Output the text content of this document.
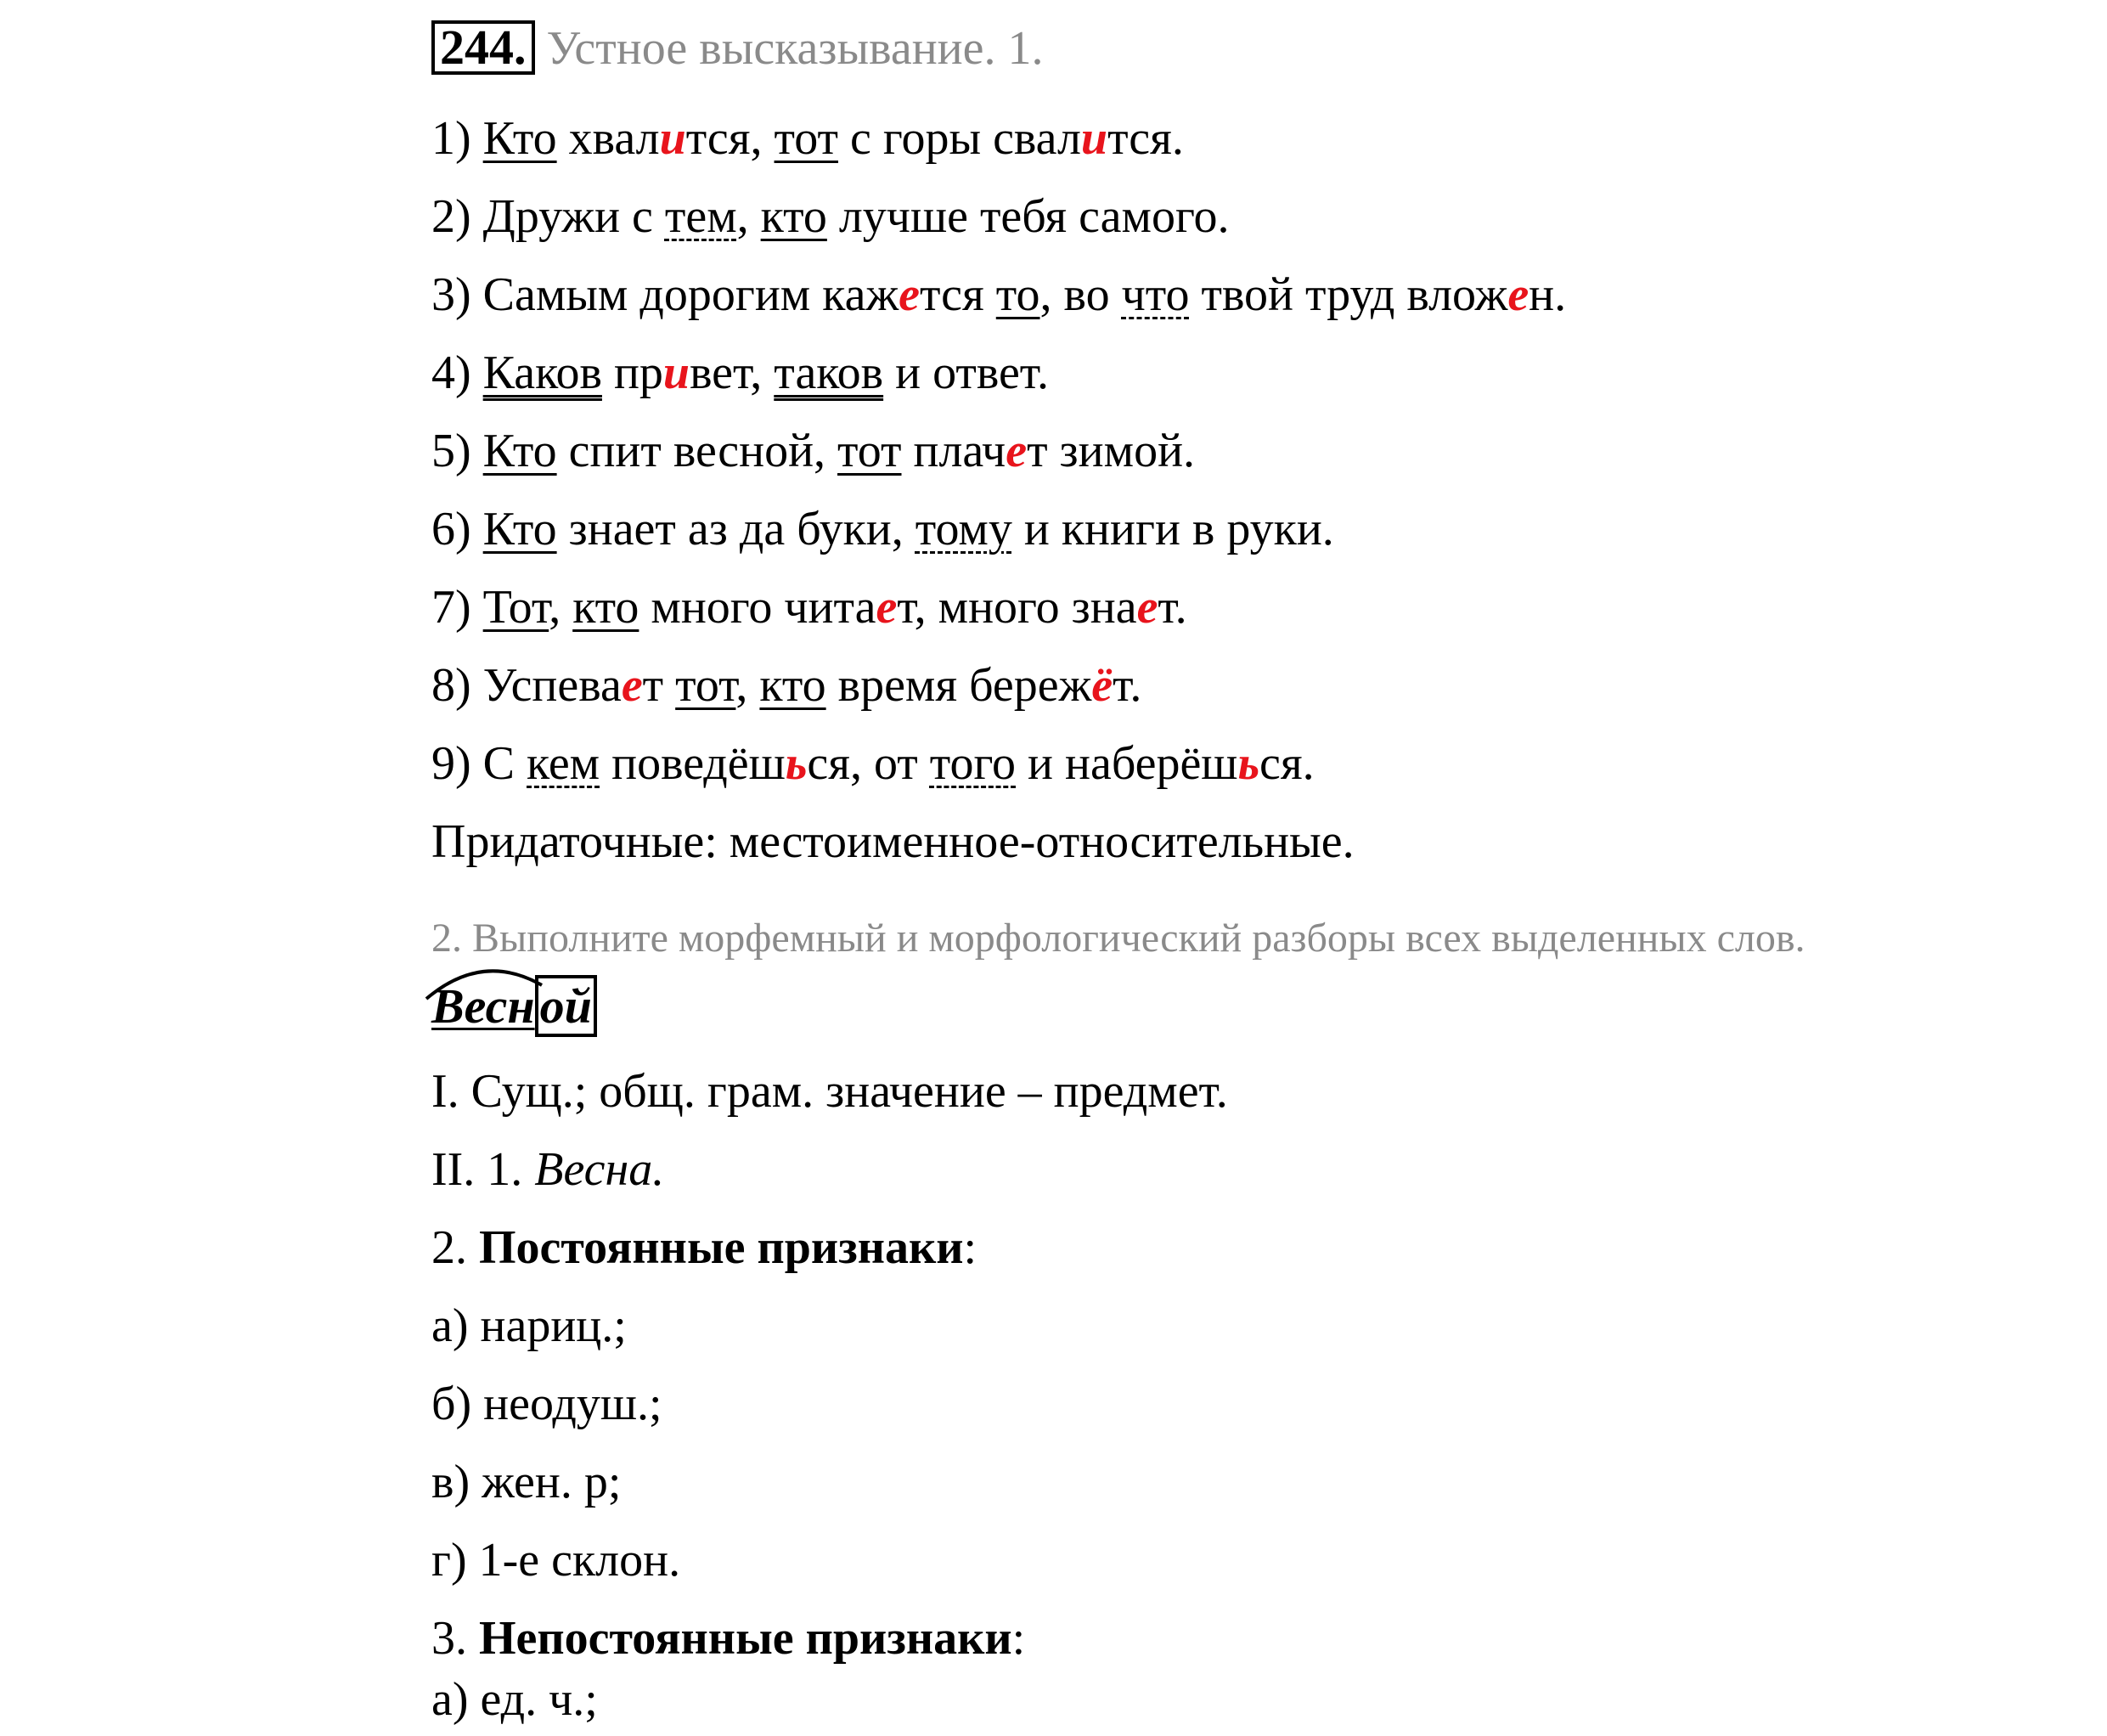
244. Устное высказывание. 1.
1) Кто хвалится, тот с горы свалится.
2) Дружи с тем, кто лучше тебя самого.
3) Самым дорогим кажется то, во что твой труд вложен.
4) Каков привет, таков и ответ.
5) Кто спит весной, тот плачет зимой.
6) Кто знает аз да буки, тому и книги в руки.
7) Тот, кто много читает, много знает.
8) Успевает тот, кто время бережёт.
9) С кем поведёшься, от того и наберёшься.
Придаточные: местоименное-относительные.
2. Выполните морфемный и морфологический разборы всех выделенных слов.
Весн ой
I. Сущ.; общ. грам. значение – предмет.
II. 1. Весна.
2. Постоянные признаки:
а) нариц.;
б) неодуш.;
в) жен. р;
г) 1-е склон.
3. Непостоянные признаки:
а) ед. ч.;
